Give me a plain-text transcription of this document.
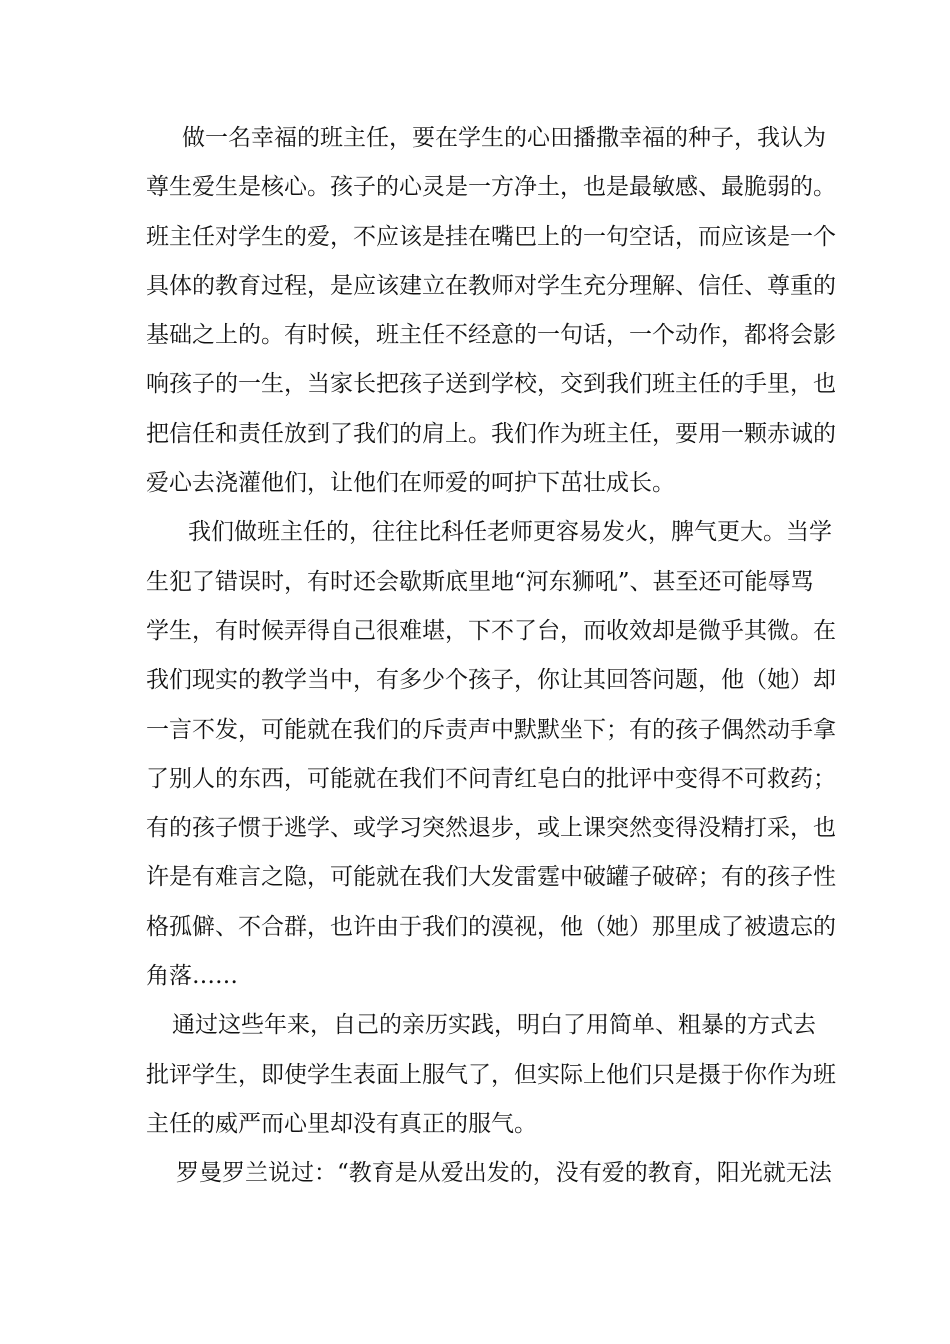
做一名幸福的班主任，要在学生的心田播撒幸福的种子，我认为
尊生爱生是核心。孩子的心灵是一方净土，也是最敏感、最脆弱的。
班主任对学生的爱，不应该是挂在嘴巴上的一句空话，而应该是一个
具体的教育过程，是应该建立在教师对学生充分理解、信任、尊重的
基础之上的。有时候，班主任不经意的一句话，一个动作，都将会影
响孩子的一生，当家长把孩子送到学校，交到我们班主任的手里，也
把信任和责任放到了我们的肩上。我们作为班主任，要用一颗赤诚的
爱心去浇灌他们，让他们在师爱的呵护下茁壮成长。
我们做班主任的，往往比科任老师更容易发火，脾气更大。当学
生犯了错误时，有时还会歇斯底里地“河东狮吼”、甚至还可能辱骂
学生，有时候弄得自己很难堪，下不了台，而收效却是微乎其微。在
我们现实的教学当中，有多少个孩子，你让其回答问题，他（她）却
一言不发，可能就在我们的斥责声中默默坐下；有的孩子偶然动手拿
了别人的东西，可能就在我们不问青红皂白的批评中变得不可救药；
有的孩子惯于逃学、或学习突然退步，或上课突然变得没精打采，也
许是有难言之隐，可能就在我们大发雷霆中破罐子破碎；有的孩子性
格孤僻、不合群，也许由于我们的漠视，他（她）那里成了被遗忘的
角落……
通过这些年来，自己的亲历实践，明白了用简单、粗暴的方式去
批评学生，即使学生表面上服气了，但实际上他们只是摄于你作为班
主任的威严而心里却没有真正的服气。
罗曼罗兰说过：“教育是从爱出发的，没有爱的教育，阳光就无法
